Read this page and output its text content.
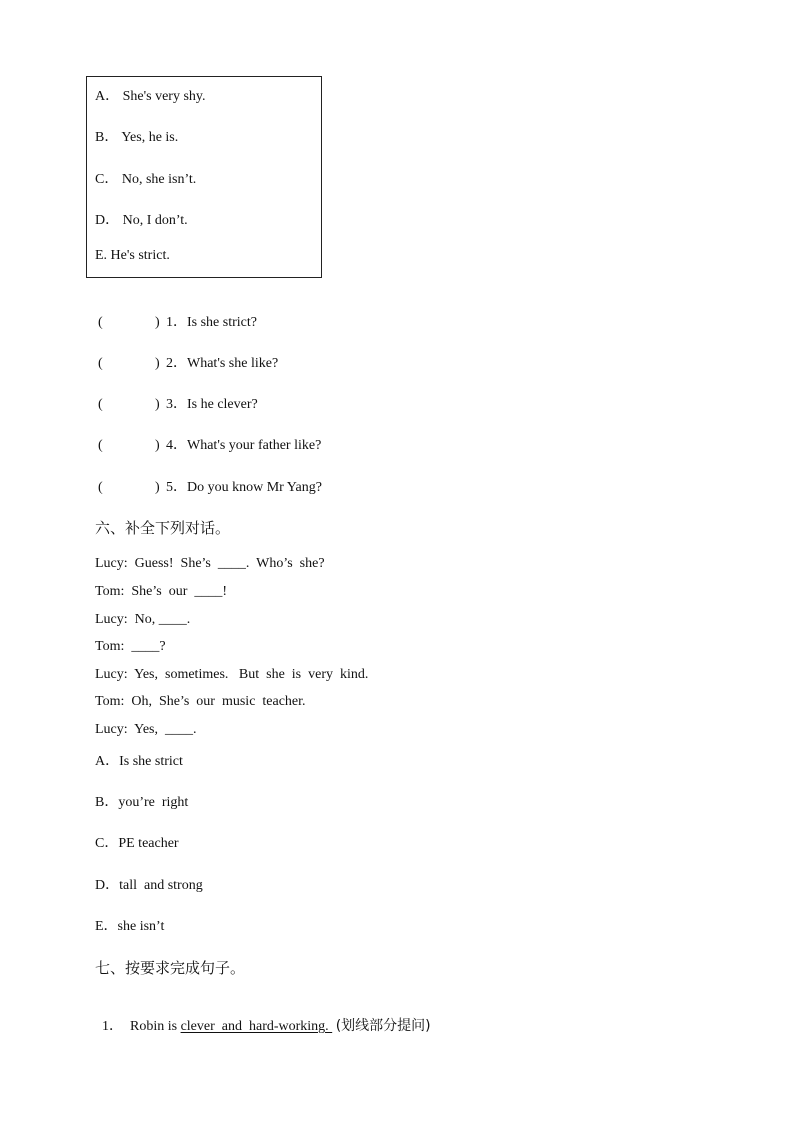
A． She's very shy.
B． Yes, he is.
C． No, she isn’t.
D． No, I don’t.
E. He's strict.
(	) 1．Is she strict?
(	) 2．What's she like?
(	) 3．Is he clever?
(	) 4．What's your father like?
(	) 5．Do you know Mr Yang?
六、补全下列对话。
Lucy:  Guess!  She’s  ____.  Who’s  she?
Tom:  She’s  our  ____!
Lucy:  No, ____.
Tom:  ____?
Lucy:  Yes,  sometimes.   But  she  is  very  kind.
Tom:  Oh,  She’s  our  music  teacher.
Lucy:  Yes,  ____.
A．Is she strict
B．you’re  right
C．PE teacher
D．tall  and strong
E．she isn’t
七、按要求完成句子。

1． Robin is clever  and  hard-working.  (划线部分提问)
